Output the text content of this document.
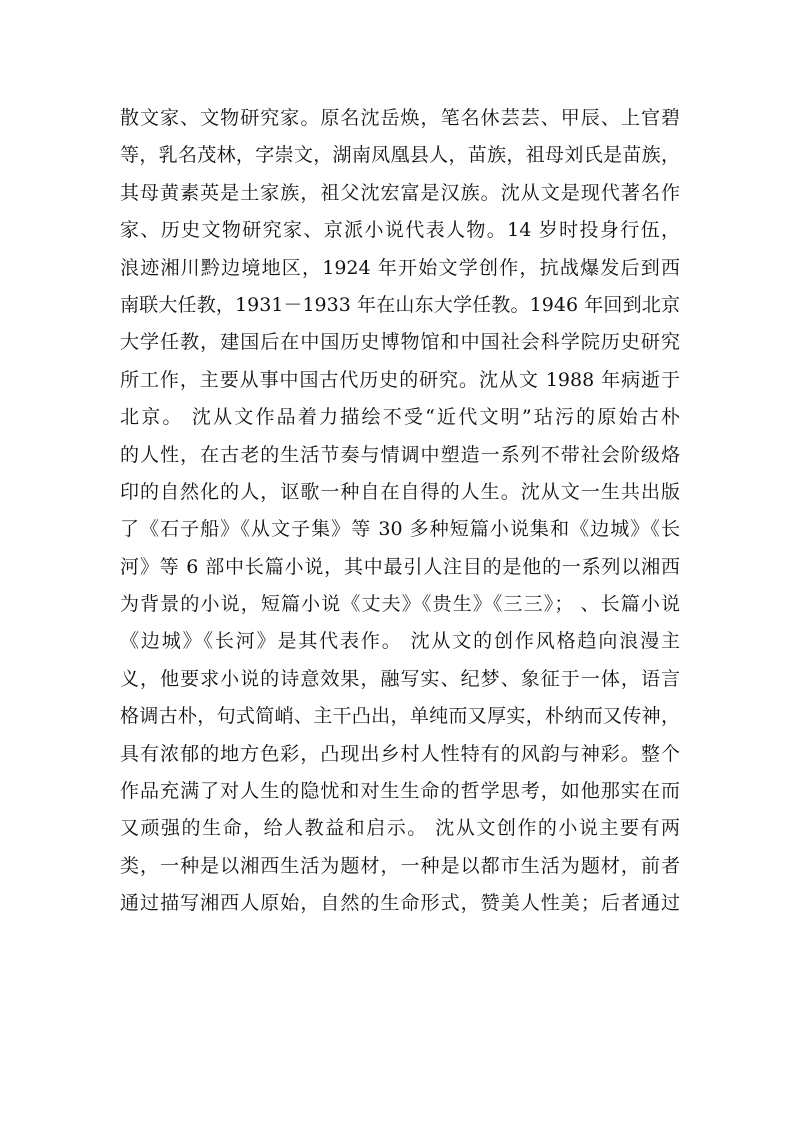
散文家、文物研究家。原名沈岳焕，笔名休芸芸、甲辰、上官碧
等，乳名茂林，字崇文，湖南凤凰县人，苗族，祖母刘氏是苗族，
其母黄素英是土家族，祖父沈宏富是汉族。沈从文是现代著名作
家、历史文物研究家、京派小说代表人物。14 岁时投身行伍，
浪迹湘川黔边境地区，1924 年开始文学创作，抗战爆发后到西
南联大任教，1931－1933 年在山东大学任教。1946 年回到北京
大学任教，建国后在中国历史博物馆和中国社会科学院历史研究
所工作，主要从事中国古代历史的研究。沈从文 1988 年病逝于
北京。 沈从文作品着力描绘不受“近代文明”玷污的原始古朴
的人性，在古老的生活节奏与情调中塑造一系列不带社会阶级烙
印的自然化的人，讴歌一种自在自得的人生。沈从文一生共出版
了《石子船》《从文子集》等 30 多种短篇小说集和《边城》《长
河》等 6 部中长篇小说，其中最引人注目的是他的一系列以湘西
为背景的小说，短篇小说《丈夫》《贵生》《三三》； 、长篇小说
《边城》《长河》是其代表作。 沈从文的创作风格趋向浪漫主
义，他要求小说的诗意效果，融写实、纪梦、象征于一体，语言
格调古朴，句式简峭、主干凸出，单纯而又厚实，朴纳而又传神，
具有浓郁的地方色彩，凸现出乡村人性特有的风韵与神彩。整个
作品充满了对人生的隐忧和对生生命的哲学思考，如他那实在而
又顽强的生命，给人教益和启示。 沈从文创作的小说主要有两
类，一种是以湘西生活为题材，一种是以都市生活为题材，前者
通过描写湘西人原始，自然的生命形式，赞美人性美；后者通过
